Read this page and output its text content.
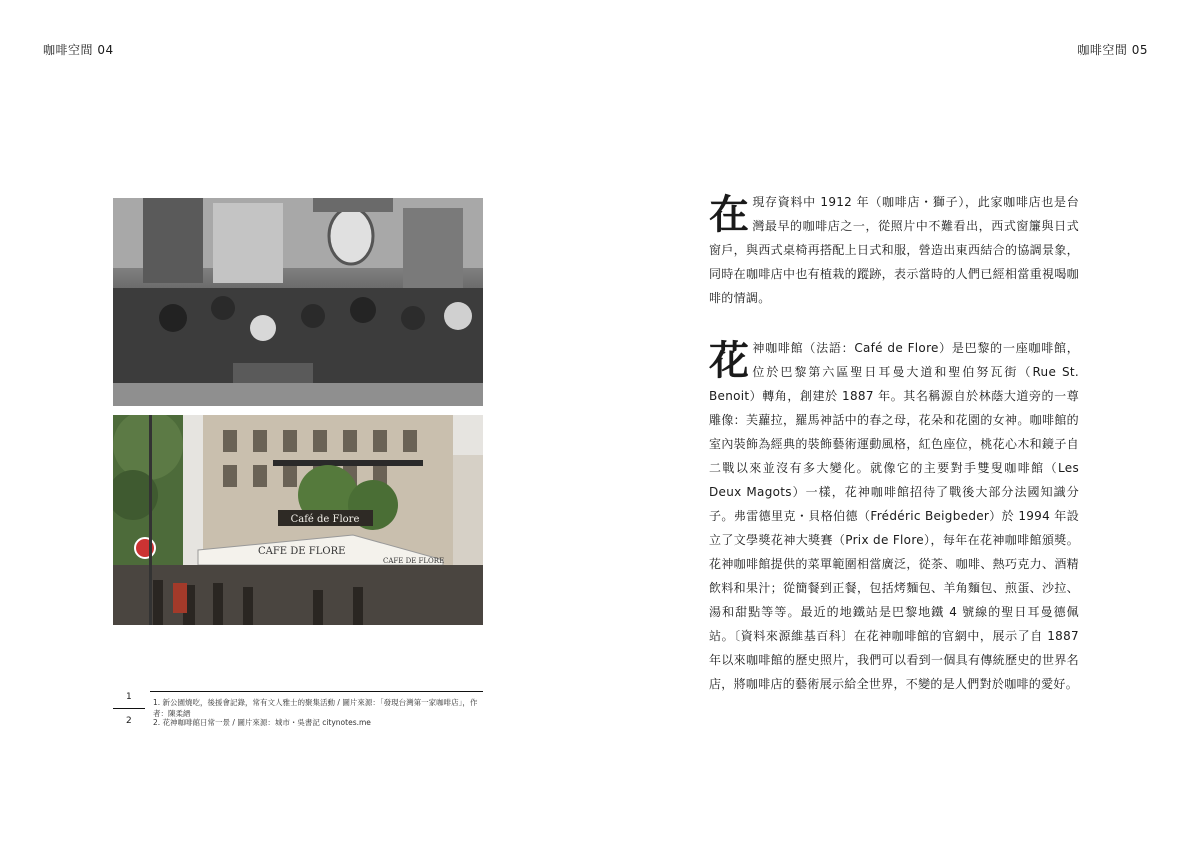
咖啡空間 04	咖啡空間 05
Café de Flore
CAFE DE FLORE
CAFE DE FLORE
1
2
1. 新公園燒吃，後援會記錄，常有文人雅士的聚集活動 / 圖片來源：「發現台灣第一家咖啡店」，作者：陳柔縉
2. 花神咖啡館日常一景 / 圖片來源：城市・吳書記 citynotes.me
在 現存資料中 1912 年（咖啡店・獅子），此家咖啡店也是台灣最早的咖啡店之一，從照片中不難看出，西式窗簾與日式窗戶，與西式桌椅再搭配上日式和服，營造出東西結合的協調景象，同時在咖啡店中也有植栽的蹤跡，表示當時的人們已經相當重視喝咖啡的情調。
花 神咖啡館（法語：Café de Flore）是巴黎的一座咖啡館，位於巴黎第六區聖日耳曼大道和聖伯努瓦街（Rue St. Benoit）轉角，創建於 1887 年。其名稱源自於林蔭大道旁的一尊雕像：芙蘿拉，羅馬神話中的春之母，花朵和花園的女神。咖啡館的室內裝飾為經典的裝飾藝術運動風格，紅色座位，桃花心木和鏡子自二戰以來並沒有多大變化。就像它的主要對手雙叟咖啡館（Les Deux Magots）一樣，花神咖啡館招待了戰後大部分法國知識分子。弗雷德里克・貝格伯德（Frédéric Beigbeder）於 1994 年設立了文學獎花神大獎賽（Prix de Flore），每年在花神咖啡館頒獎。花神咖啡館提供的菜單範圍相當廣泛，從茶、咖啡、熱巧克力、酒精飲料和果汁；從簡餐到正餐，包括烤麵包、羊角麵包、煎蛋、沙拉、湯和甜點等等。最近的地鐵站是巴黎地鐵 4 號線的聖日耳曼德佩站。〔資料來源維基百科〕在花神咖啡館的官網中，展示了自 1887 年以來咖啡館的歷史照片，我們可以看到一個具有傳統歷史的世界名店，將咖啡店的藝術展示給全世界，不變的是人們對於咖啡的愛好。
